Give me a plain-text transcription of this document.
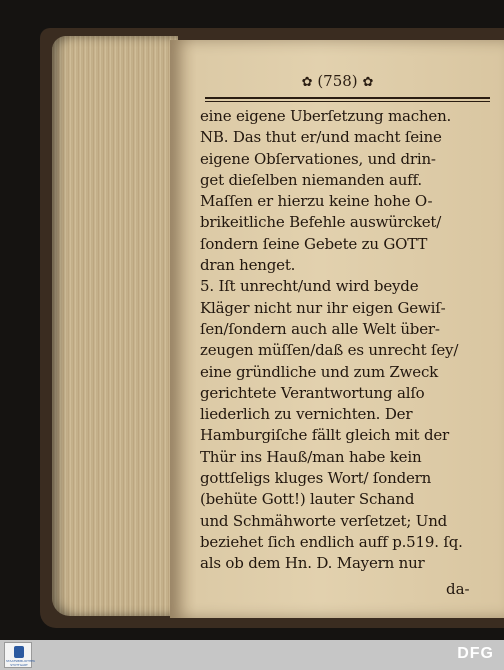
✿ (758) ✿
eine eigene Uberſetzung machen.
NB. Das thut er/und macht ſeine
eigene Obſervationes, und drin-
get dieſelben niemanden auff.
Maſſen er hierzu keine hohe O-
brikeitliche Befehle auswürcket/
ſondern ſeine Gebete zu GOTT
dran henget.
5. Iſt unrecht/und wird beyde
Kläger nicht nur ihr eigen Gewiſ-
ſen/ſondern auch alle Welt über-
zeugen müſſen/daß es unrecht ſey/
eine gründliche und zum Zweck
gerichtete Verantwortung alſo
liederlich zu vernichten. Der
Hamburgiſche fällt gleich mit der
Thür ins Hauß/man habe kein
gottſeligs kluges Wort/ ſondern
(behüte Gott!) lauter Schand
und Schmähworte verſetzet; Und
beziehet ſich endlich auff p.519. ſq.
als ob dem Hn. D. Mayern nur
da-
STAATSBIBLIOTHEK STUTTGART
DFG
